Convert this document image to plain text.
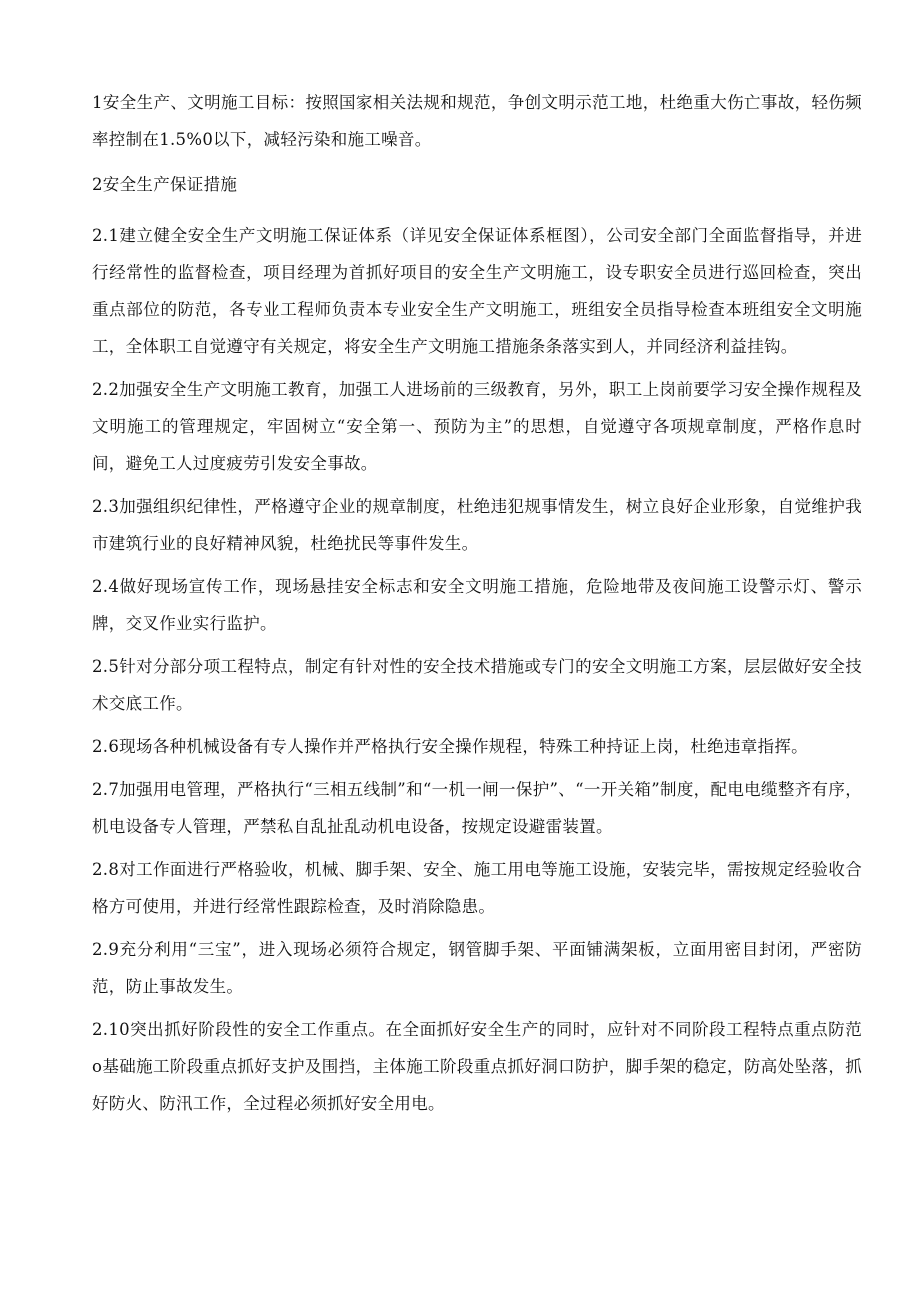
1安全生产、文明施工目标：按照国家相关法规和规范，争创文明示范工地，杜绝重大伤亡事故，轻伤频率控制在1.5%0以下，减轻污染和施工噪音。

2安全生产保证措施

2.1建立健全安全生产文明施工保证体系（详见安全保证体系框图），公司安全部门全面监督指导，并进行经常性的监督检查，项目经理为首抓好项目的安全生产文明施工，设专职安全员进行巡回检查，突出重点部位的防范，各专业工程师负责本专业安全生产文明施工，班组安全员指导检查本班组安全文明施工，全体职工自觉遵守有关规定，将安全生产文明施工措施条条落实到人，并同经济利益挂钩。

2.2加强安全生产文明施工教育，加强工人进场前的三级教育，另外，职工上岗前要学习安全操作规程及文明施工的管理规定，牢固树立“安全第一、预防为主”的思想，自觉遵守各项规章制度，严格作息时间，避免工人过度疲劳引发安全事故。

2.3加强组织纪律性，严格遵守企业的规章制度，杜绝违犯规事情发生，树立良好企业形象，自觉维护我市建筑行业的良好精神风貌，杜绝扰民等事件发生。

2.4做好现场宣传工作，现场悬挂安全标志和安全文明施工措施，危险地带及夜间施工设警示灯、警示牌，交叉作业实行监护。

2.5针对分部分项工程特点，制定有针对性的安全技术措施或专门的安全文明施工方案，层层做好安全技术交底工作。

2.6现场各种机械设备有专人操作并严格执行安全操作规程，特殊工种持证上岗，杜绝违章指挥。

2.7加强用电管理，严格执行“三相五线制”和“一机一闸一保护”、“一开关箱”制度，配电电缆整齐有序，机电设备专人管理，严禁私自乱扯乱动机电设备，按规定设避雷装置。

2.8对工作面进行严格验收，机械、脚手架、安全、施工用电等施工设施，安装完毕，需按规定经验收合格方可使用，并进行经常性跟踪检查，及时消除隐患。

2.9充分利用“三宝”，进入现场必须符合规定，钢管脚手架、平面铺满架板，立面用密目封闭，严密防范，防止事故发生。

2.10突出抓好阶段性的安全工作重点。在全面抓好安全生产的同时，应针对不同阶段工程特点重点防范o基础施工阶段重点抓好支护及围挡，主体施工阶段重点抓好洞口防护，脚手架的稳定，防高处坠落，抓好防火、防汛工作，全过程必须抓好安全用电。
